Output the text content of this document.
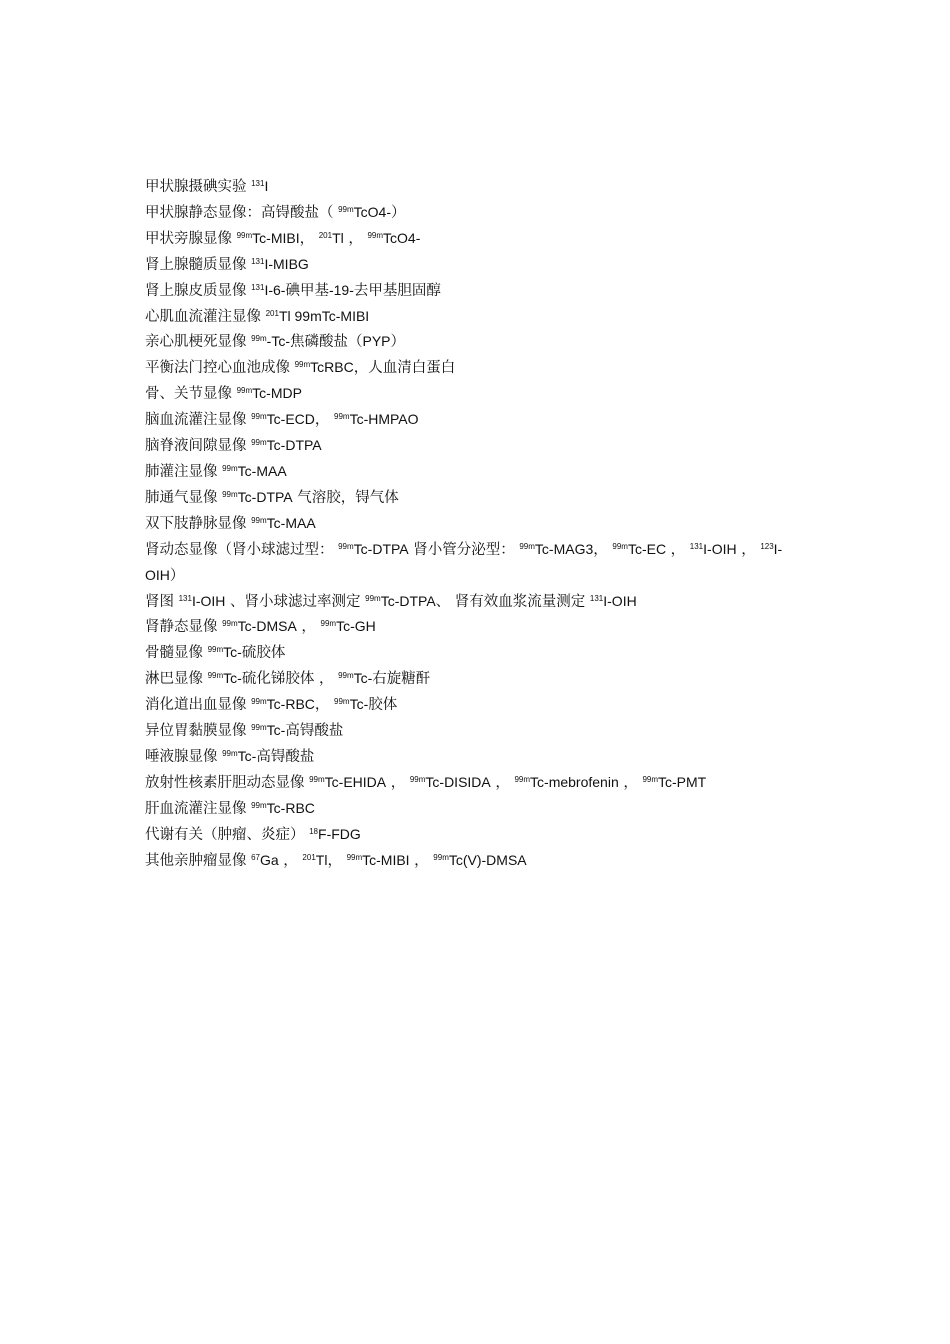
甲状腺摄碘实验 $^{131}$I
甲状腺静态显像：高锝酸盐（ $^{99m}$TcO4-）
甲状旁腺显像 $^{99m}$Tc-MIBI， $^{201}$Tl ， $^{99m}$TcO4-
肾上腺髓质显像 $^{131}$I-MIBG
肾上腺皮质显像 $^{131}$I-6-碘甲基-19-去甲基胆固醇
心肌血流灌注显像 $^{201}$Tl 99mTc-MIBI
亲心肌梗死显像 $^{99m}$-Tc-焦磷酸盐（PYP）
平衡法门控心血池成像 $^{99m}$TcRBC，人血清白蛋白
骨、关节显像 $^{99m}$Tc-MDP
脑血流灌注显像 $^{99m}$Tc-ECD， $^{99m}$Tc-HMPAO
脑脊液间隙显像 $^{99m}$Tc-DTPA
肺灌注显像 $^{99m}$Tc-MAA
肺通气显像 $^{99m}$Tc-DTPA 气溶胶，锝气体
双下肢静脉显像 $^{99m}$Tc-MAA
肾动态显像（肾小球滤过型： $^{99m}$Tc-DTPA 肾小管分泌型： $^{99m}$Tc-MAG3， $^{99m}$Tc-EC ， $^{131}$I-OIH ， $^{123}$I-OIH）
肾图 $^{131}$I-OIH 、肾小球滤过率测定 $^{99m}$Tc-DTPA、 肾有效血浆流量测定 $^{131}$I-OIH
肾静态显像 $^{99m}$Tc-DMSA ， $^{99m}$Tc-GH
骨髓显像 $^{99m}$Tc-硫胶体
淋巴显像 $^{99m}$Tc-硫化锑胶体 ， $^{99m}$Tc-右旋糖酐
消化道出血显像 $^{99m}$Tc-RBC， $^{99m}$Tc-胶体
异位胃黏膜显像 $^{99m}$Tc-高锝酸盐
唾液腺显像 $^{99m}$Tc-高锝酸盐
放射性核素肝胆动态显像 $^{99m}$Tc-EHIDA ， $^{99m}$Tc-DISIDA ， $^{99m}$Tc-mebrofenin ， $^{99m}$Tc-PMT
肝血流灌注显像 $^{99m}$Tc-RBC
代谢有关（肿瘤、炎症） $^{18}$F-FDG
其他亲肿瘤显像 $^{67}$Ga ， $^{201}$Tl， $^{99m}$Tc-MIBI ， $^{99m}$Tc(V)-DMSA
